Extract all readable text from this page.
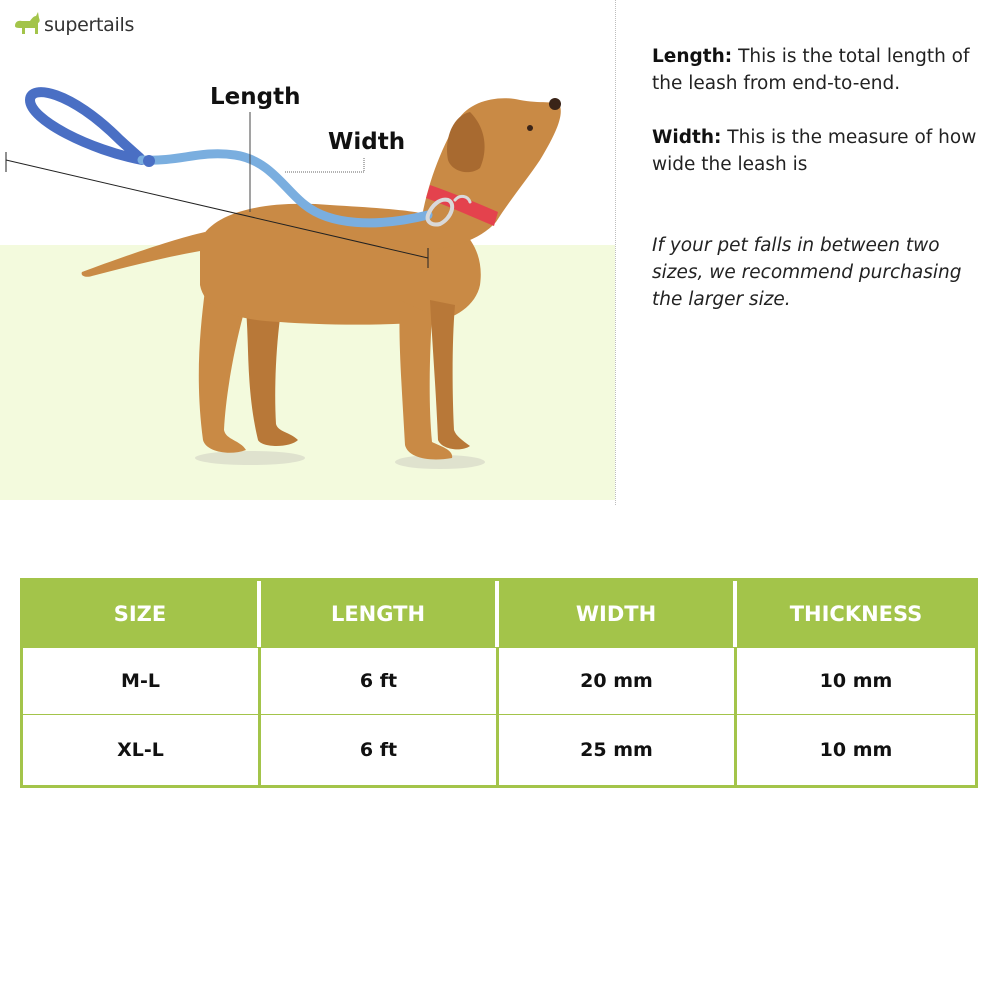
Length
Width
supertails

Length: This is the total length of the leash from end-to-end.

Width: This is the measure of how wide the leash is

If your pet falls in between two sizes, we recommend purchasing the larger size.

SIZE	LENGTH	WIDTH	THICKNESS
M-L	6 ft	20 mm	10 mm
XL-L	6 ft	25 mm	10 mm
